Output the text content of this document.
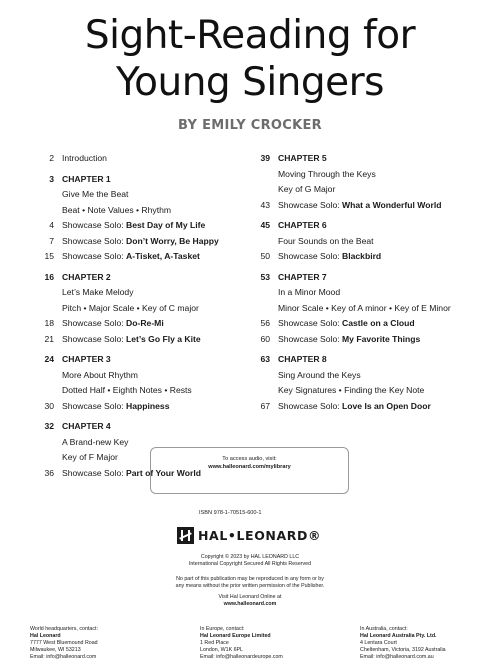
Sight-Reading for
Young Singers
BY EMILY CROCKER
2 Introduction
3 CHAPTER 1
Give Me the Beat
Beat • Note Values • Rhythm
4 Showcase Solo: Best Day of My Life
7 Showcase Solo: Don’t Worry, Be Happy
15 Showcase Solo: A-Tisket, A-Tasket
16 CHAPTER 2
Let’s Make Melody
Pitch • Major Scale • Key of C major
18 Showcase Solo: Do-Re-Mi
21 Showcase Solo: Let’s Go Fly a Kite
24 CHAPTER 3
More About Rhythm
Dotted Half • Eighth Notes • Rests
30 Showcase Solo: Happiness
32 CHAPTER 4
A Brand-new Key
Key of F Major
36 Showcase Solo: Part of Your World
39 CHAPTER 5
Moving Through the Keys
Key of G Major
43 Showcase Solo: What a Wonderful World
45 CHAPTER 6
Four Sounds on the Beat
50 Showcase Solo: Blackbird
53 CHAPTER 7
In a Minor Mood
Minor Scale • Key of A minor • Key of E Minor
56 Showcase Solo: Castle on a Cloud
60 Showcase Solo: My Favorite Things
63 CHAPTER 8
Sing Around the Keys
Key Signatures • Finding the Key Note
67 Showcase Solo: Love Is an Open Door
To access audio, visit:
www.halleonard.com/mylibrary
ISBN 978-1-70515-600-1
HAL•LEONARD®
Copyright © 2023 by HAL LEONARD LLC
International Copyright Secured All Rights Reserved
No part of this publication may be reproduced in any form or by
any means without the prior written permission of the Publisher.
Visit Hal Leonard Online at
www.halleonard.com
World headquarters, contact:
Hal Leonard
7777 West Bluemound Road
Milwaukee, WI 53213
Email: info@halleonard.com
In Europe, contact:
Hal Leonard Europe Limited
1 Red Place
London, W1K 6PL
Email: info@halleonardeurope.com
In Australia, contact:
Hal Leonard Australia Pty. Ltd.
4 Lentara Court
Cheltenham, Victoria, 3192 Australia
Email: info@halleonard.com.au
